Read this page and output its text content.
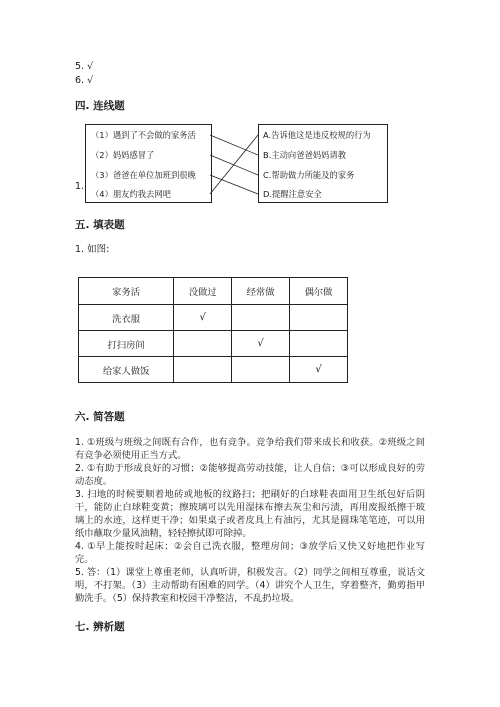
5. √
6. √
四. 连线题
1.
（1）遇到了不会做的家务活
（2）妈妈感冒了
（3）爸爸在单位加班到很晚
（4）朋友约我去网吧
A.告诉他这是违反校规的行为
B.主动向爸爸妈妈请教
C.帮助做力所能及的家务
D.提醒注意安全
五. 填表题
1. 如图:
家务活	没做过	经常做	偶尔做
洗衣服	√		
打扫房间		√	
给家人做饭			√
六. 简答题

1. ①班级与班级之间既有合作，也有竞争。竞争给我们带来成长和收获。②班级之间有竞争必须使用正当方式。

2. ①有助于形成良好的习惯；②能够提高劳动技能，让人自信；③可以形成良好的劳动态度。

3. 扫地的时候要顺着地砖或地板的纹路扫；把刷好的白球鞋表面用卫生纸包好后阴干，能防止白球鞋变黄；擦玻璃可以先用湿抹布擦去灰尘和污渍，再用废报纸擦干玻璃上的水迹，这样更干净；如果桌子或者皮具上有油污，尤其是圆珠笔笔迹，可以用纸巾蘸取少量风油精，轻轻擦拭即可除掉。

4. ①早上能按时起床；②会自己洗衣服，整理房间；③放学后又快又好地把作业写完。

5. 答：（1）课堂上尊重老师，认真听讲，积极发言。（2）同学之间相互尊重，说话文明，不打架。（3）主动帮助有困难的同学。（4）讲究个人卫生，穿着整齐，勤剪指甲勤洗手。（5）保持教室和校园干净整洁，不乱扔垃圾。

七. 辨析题
